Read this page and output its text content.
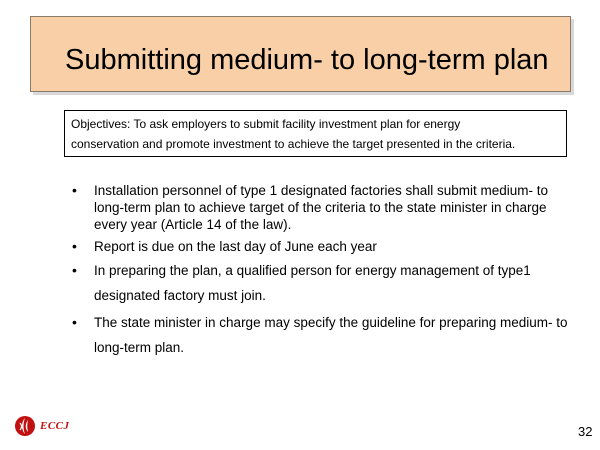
Submitting medium- to long-term plan
Objectives: To ask employers to submit facility investment plan for energy
conservation and promote investment to achieve the target presented in the criteria.
• Installation personnel of type 1 designated factories shall submit medium- to long-term plan to achieve target of the criteria to the state minister in charge every year (Article 14 of the law).
• Report is due on the last day of June each year
• In preparing the plan, a qualified person for energy management of type1 designated factory must join.
• The state minister in charge may specify the guideline for preparing medium- to long-term plan.
ECCJ	32
